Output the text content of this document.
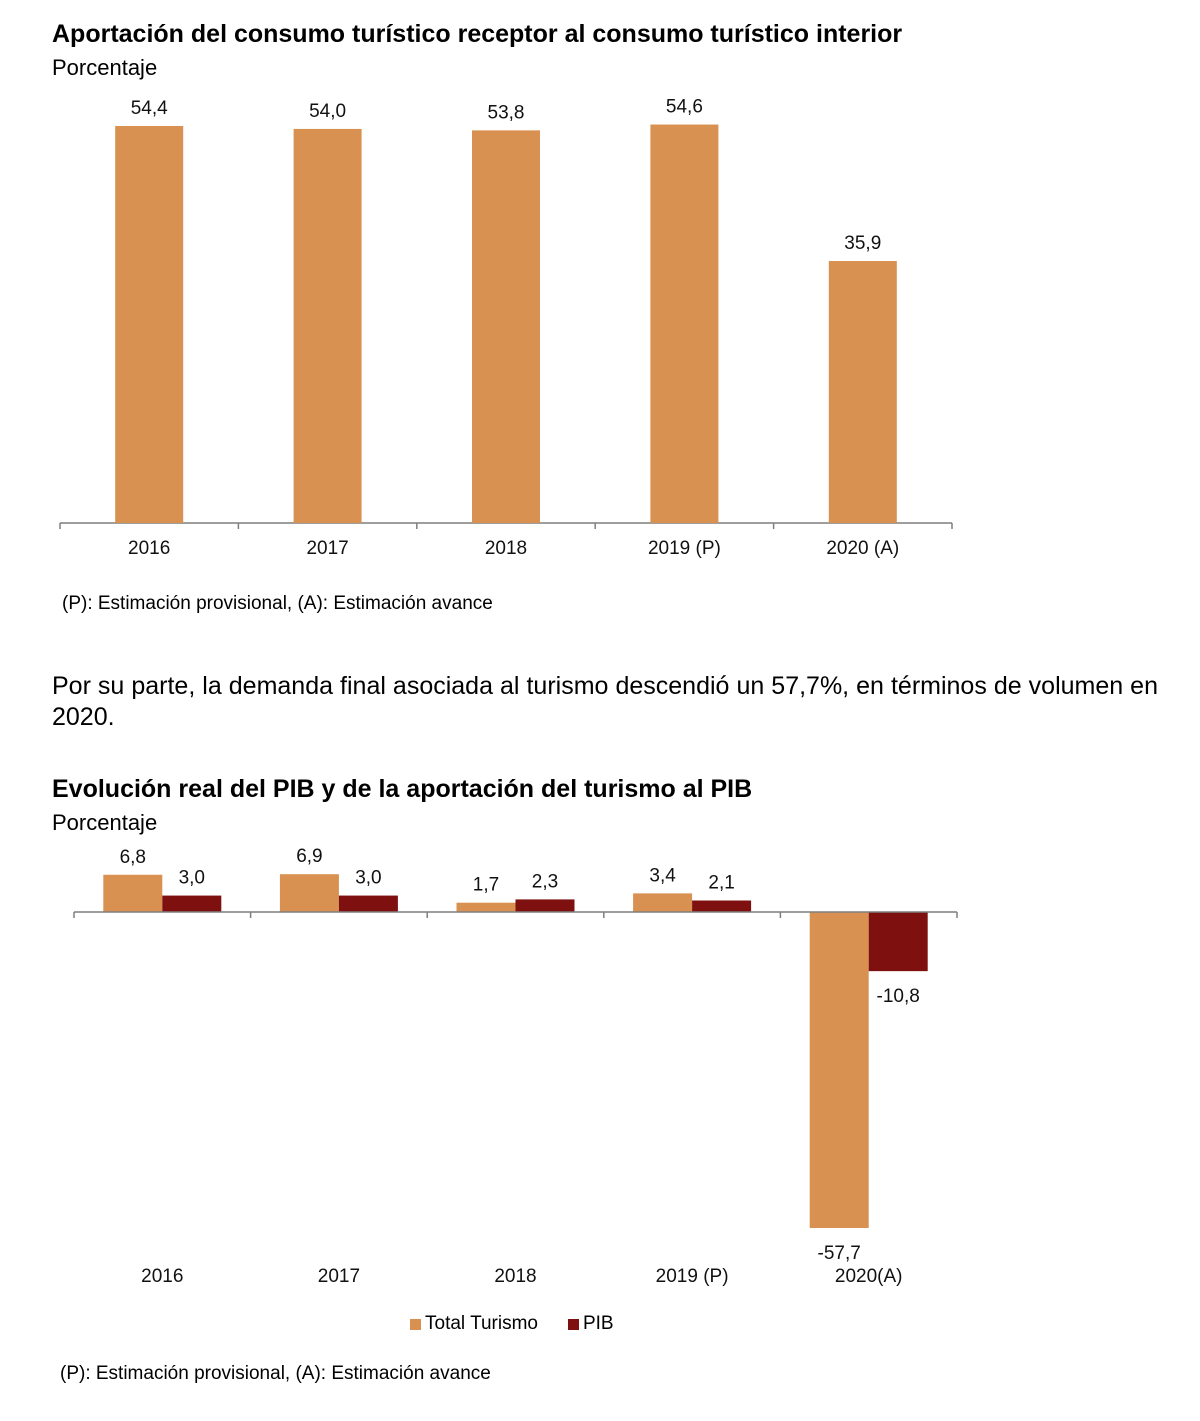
Aportación del consumo turístico receptor al consumo turístico interior
Porcentaje
54,4
2016
54,0
2017
53,8
2018
54,6
2019 (P)
35,9
2020 (A)
(P): Estimación provisional, (A): Estimación avance
Por su parte, la demanda final asociada al turismo descendió un 57,7%, en términos de volumen en 2020.
Evolución real del PIB y de la aportación del turismo al PIB
Porcentaje
6,8	6,9
1,7	3,4
-57,7
3,0	3,0	2,3	2,1
-10,8
2016	2017	2018	2019 (P)	2020(A)
Total Turismo PIB
(P): Estimación provisional, (A): Estimación avance
